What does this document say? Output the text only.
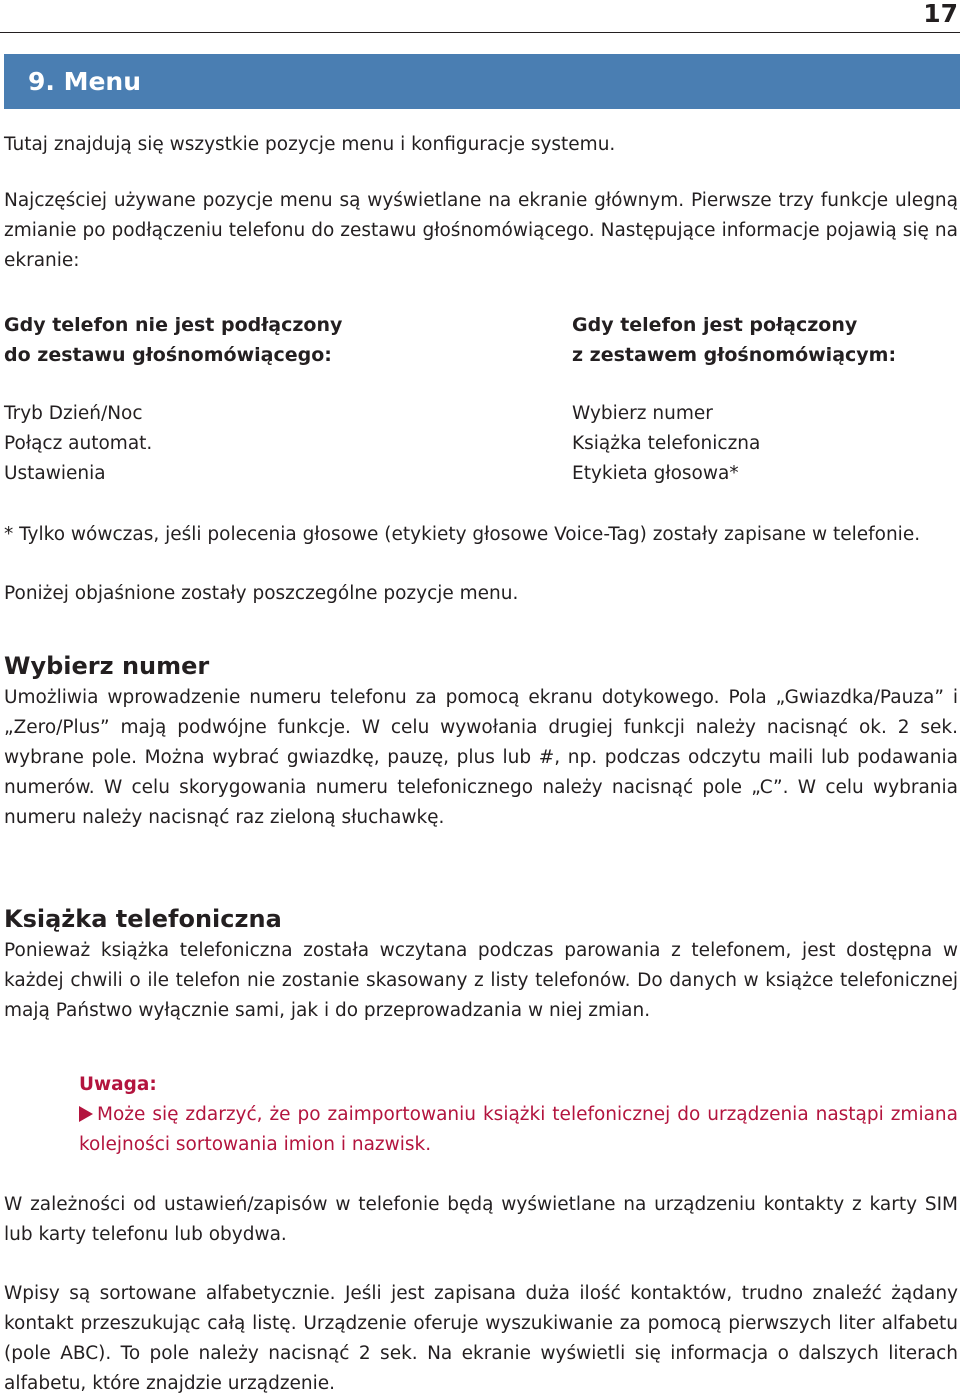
17
9. Menu

Tutaj znajdują się wszystkie pozycje menu i konfiguracje systemu.

Najczęściej używane pozycje menu są wyświetlane na ekranie głównym. Pierwsze trzy funkcje ulegną zmianie po podłączeniu telefonu do zestawu głośnomówiącego. Następujące informacje pojawią się na ekranie:

Gdy telefon nie jest podłączony
do zestawu głośnomówiącego:
Tryb Dzień/Noc
Połącz automat.
Ustawienia
Gdy telefon jest połączony
z zestawem głośnomówiącym:
Wybierz numer
Książka telefoniczna
Etykieta głosowa*

* Tylko wówczas, jeśli polecenia głosowe (etykiety głosowe Voice-Tag) zostały zapisane w telefonie.

Poniżej objaśnione zostały poszczególne pozycje menu.

Wybierz numer

Umożliwia wprowadzenie numeru telefonu za pomocą ekranu dotykowego. Pola „Gwiazdka/Pauza” i „Zero/Plus” mają podwójne funkcje. W celu wywołania drugiej funkcji należy nacisnąć ok. 2 sek. wybrane pole. Można wybrać gwiazdkę, pauzę, plus lub #, np. podczas odczytu maili lub podawania numerów. W celu skorygowania numeru telefonicznego należy nacisnąć pole „C”. W celu wybrania numeru należy nacisnąć raz zieloną słuchawkę.

Książka telefoniczna

Ponieważ książka telefoniczna została wczytana podczas parowania z telefonem, jest dostępna w każdej chwili o ile telefon nie zostanie skasowany z listy telefonów. Do danych w książce telefonicznej mają Państwo wyłącznie sami, jak i do przeprowadzania w niej zmian.

Uwaga:

Może się zdarzyć, że po zaimportowaniu książki telefonicznej do urządzenia nastąpi zmiana kolejności sortowania imion i nazwisk.

W zależności od ustawień/zapisów w telefonie będą wyświetlane na urządzeniu kontakty z karty SIM lub karty telefonu lub obydwa.

Wpisy są sortowane alfabetycznie. Jeśli jest zapisana duża ilość kontaktów, trudno znaleźć żądany kontakt przeszukując całą listę. Urządzenie oferuje wyszukiwanie za pomocą pierwszych liter alfabetu (pole ABC). To pole należy nacisnąć 2 sek. Na ekranie wyświetli się informacja o dalszych literach alfabetu, które znajdzie urządzenie.
